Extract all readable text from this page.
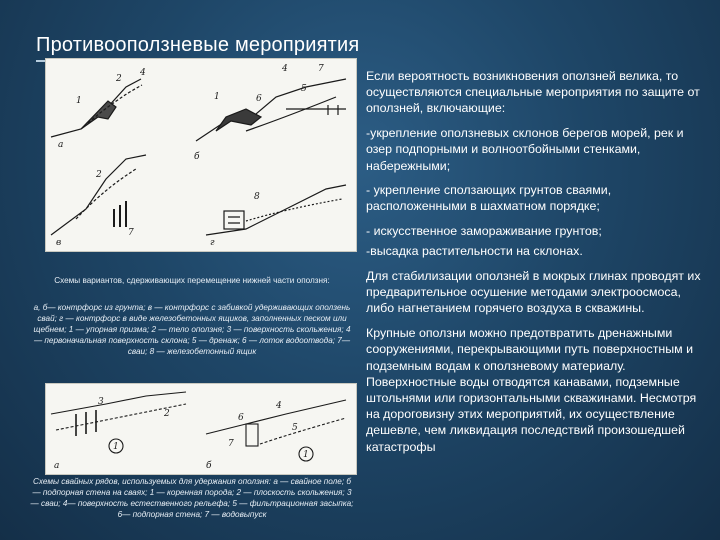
Противооползневые мероприятия
а
б
в	г
1
2
4
1	6
4
5
7
2
7
8
Схемы вариантов, сдерживающих перемещение нижней части оползня:
а, б— контрфорс из грунта; в — контрфорс с забивкой удерживающих оползень свай; г — контрфорс в виде железобетонных ящиков, заполненных песком или щебнем; 1 — упорная призма; 2 — тело оползня; 3 — поверхность скольжения; 4 — первоначальная поверхность склона; 5 — дренаж; 6 — лоток водоотвода; 7— сваи; 8 — железобетонный ящик
а	б
1
2
3
1
4
5
6
7
Схемы свайных рядов, используемых для удержания оползня: а — свайное поле; б — подпорная стена на сваях; 1 — коренная порода; 2 — плоскость скольжения; 3 — сваи; 4— поверхность естественного рельефа; 5 — фильтрационная засыпка; 6— подпорная стена; 7 — водовыпуск

Если вероятность возникновения оползней велика, то осуществляются специальные мероприятия по защите от оползней, включающие:

-укрепление оползневых склонов берегов морей, рек и озер подпорными и волноотбойными стенками, набережными;

- укрепление сползающих грунтов сваями, расположенными в шахматном порядке;

- искусственное замораживание грунтов;

-высадка растительности на склонах.

Для стабилизации оползней в мокрых глинах проводят их предварительное осушение методами электроосмоса, либо нагнетанием горячего воздуха в скважины.

Крупные оползни можно предотвратить дренажными сооружениями, перекрывающими путь поверхностным и подземным водам к оползневому материалу. Поверхностные воды отводятся канавами, подземные штольнями или горизонтальными скважинами. Несмотря на дороговизну этих мероприятий, их осуществление дешевле, чем ликвидация последствий произошедшей катастрофы
